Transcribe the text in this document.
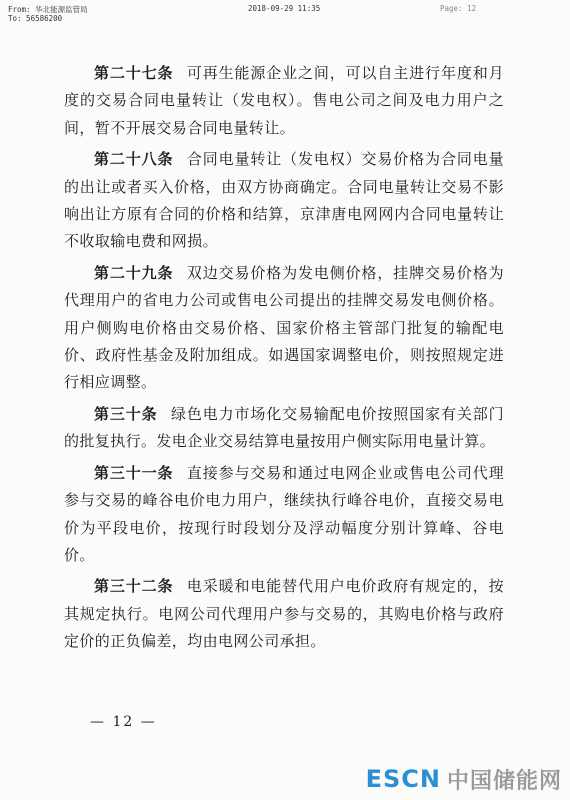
From: 华北能源监管局
To: 56586200
2018-09-29 11:35	Page: 12

第二十七条 可再生能源企业之间，可以自主进行年度和月度的交易合同电量转让（发电权）。售电公司之间及电力用户之间，暂不开展交易合同电量转让。

第二十八条 合同电量转让（发电权）交易价格为合同电量的出让或者买入价格，由双方协商确定。合同电量转让交易不影响出让方原有合同的价格和结算，京津唐电网网内合同电量转让不收取输电费和网损。

第二十九条 双边交易价格为发电侧价格，挂牌交易价格为代理用户的省电力公司或售电公司提出的挂牌交易发电侧价格。用户侧购电价格由交易价格、国家价格主管部门批复的输配电价、政府性基金及附加组成。如遇国家调整电价，则按照规定进行相应调整。

第三十条 绿色电力市场化交易输配电价按照国家有关部门的批复执行。发电企业交易结算电量按用户侧实际用电量计算。

第三十一条 直接参与交易和通过电网企业或售电公司代理参与交易的峰谷电价电力用户，继续执行峰谷电价，直接交易电价为平段电价，按现行时段划分及浮动幅度分别计算峰、谷电价。

第三十二条 电采暖和电能替代用户电价政府有规定的，按其规定执行。电网公司代理用户参与交易的，其购电价格与政府定价的正负偏差，均由电网公司承担。

— 12 —
ESCN 中国储能网
